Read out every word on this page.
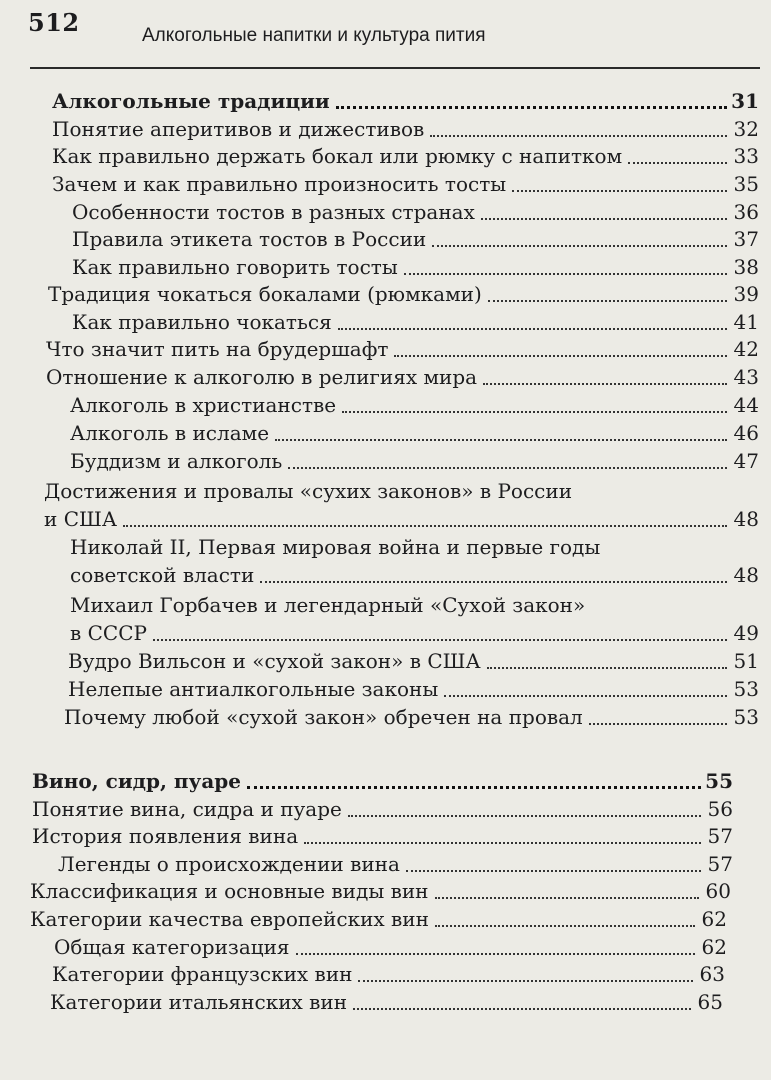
512	Алкогольные напитки и культура пития
Алкогольные традиции	31
Понятие аперитивов и дижестивов	32
Как правильно держать бокал или рюмку с напитком	33
Зачем и как правильно произносить тосты	35
Особенности тостов в разных странах	36
Правила этикета тостов в России	37
Как правильно говорить тосты	38
Традиция чокаться бокалами (рюмками)	39
Как правильно чокаться	41
Что значит пить на брудершафт	42
Отношение к алкоголю в религиях мира	43
Алкоголь в христианстве	44
Алкоголь в исламе	46
Буддизм и алкоголь	47
Достижения и провалы «сухих законов» в России
и США	48
Николай II, Первая мировая война и первые годы
советской власти	48
Михаил Горбачев и легендарный «Сухой закон»
в СССР	49
Вудро Вильсон и «сухой закон» в США	51
Нелепые антиалкогольные законы	53
Почему любой «сухой закон» обречен на провал	53
Вино, сидр, пуаре	55
Понятие вина, сидра и пуаре	56
История появления вина	57
Легенды о происхождении вина	57
Классификация и основные виды вин	60
Категории качества европейских вин	62
Общая категоризация	62
Категории французских вин	63
Категории итальянских вин	65
